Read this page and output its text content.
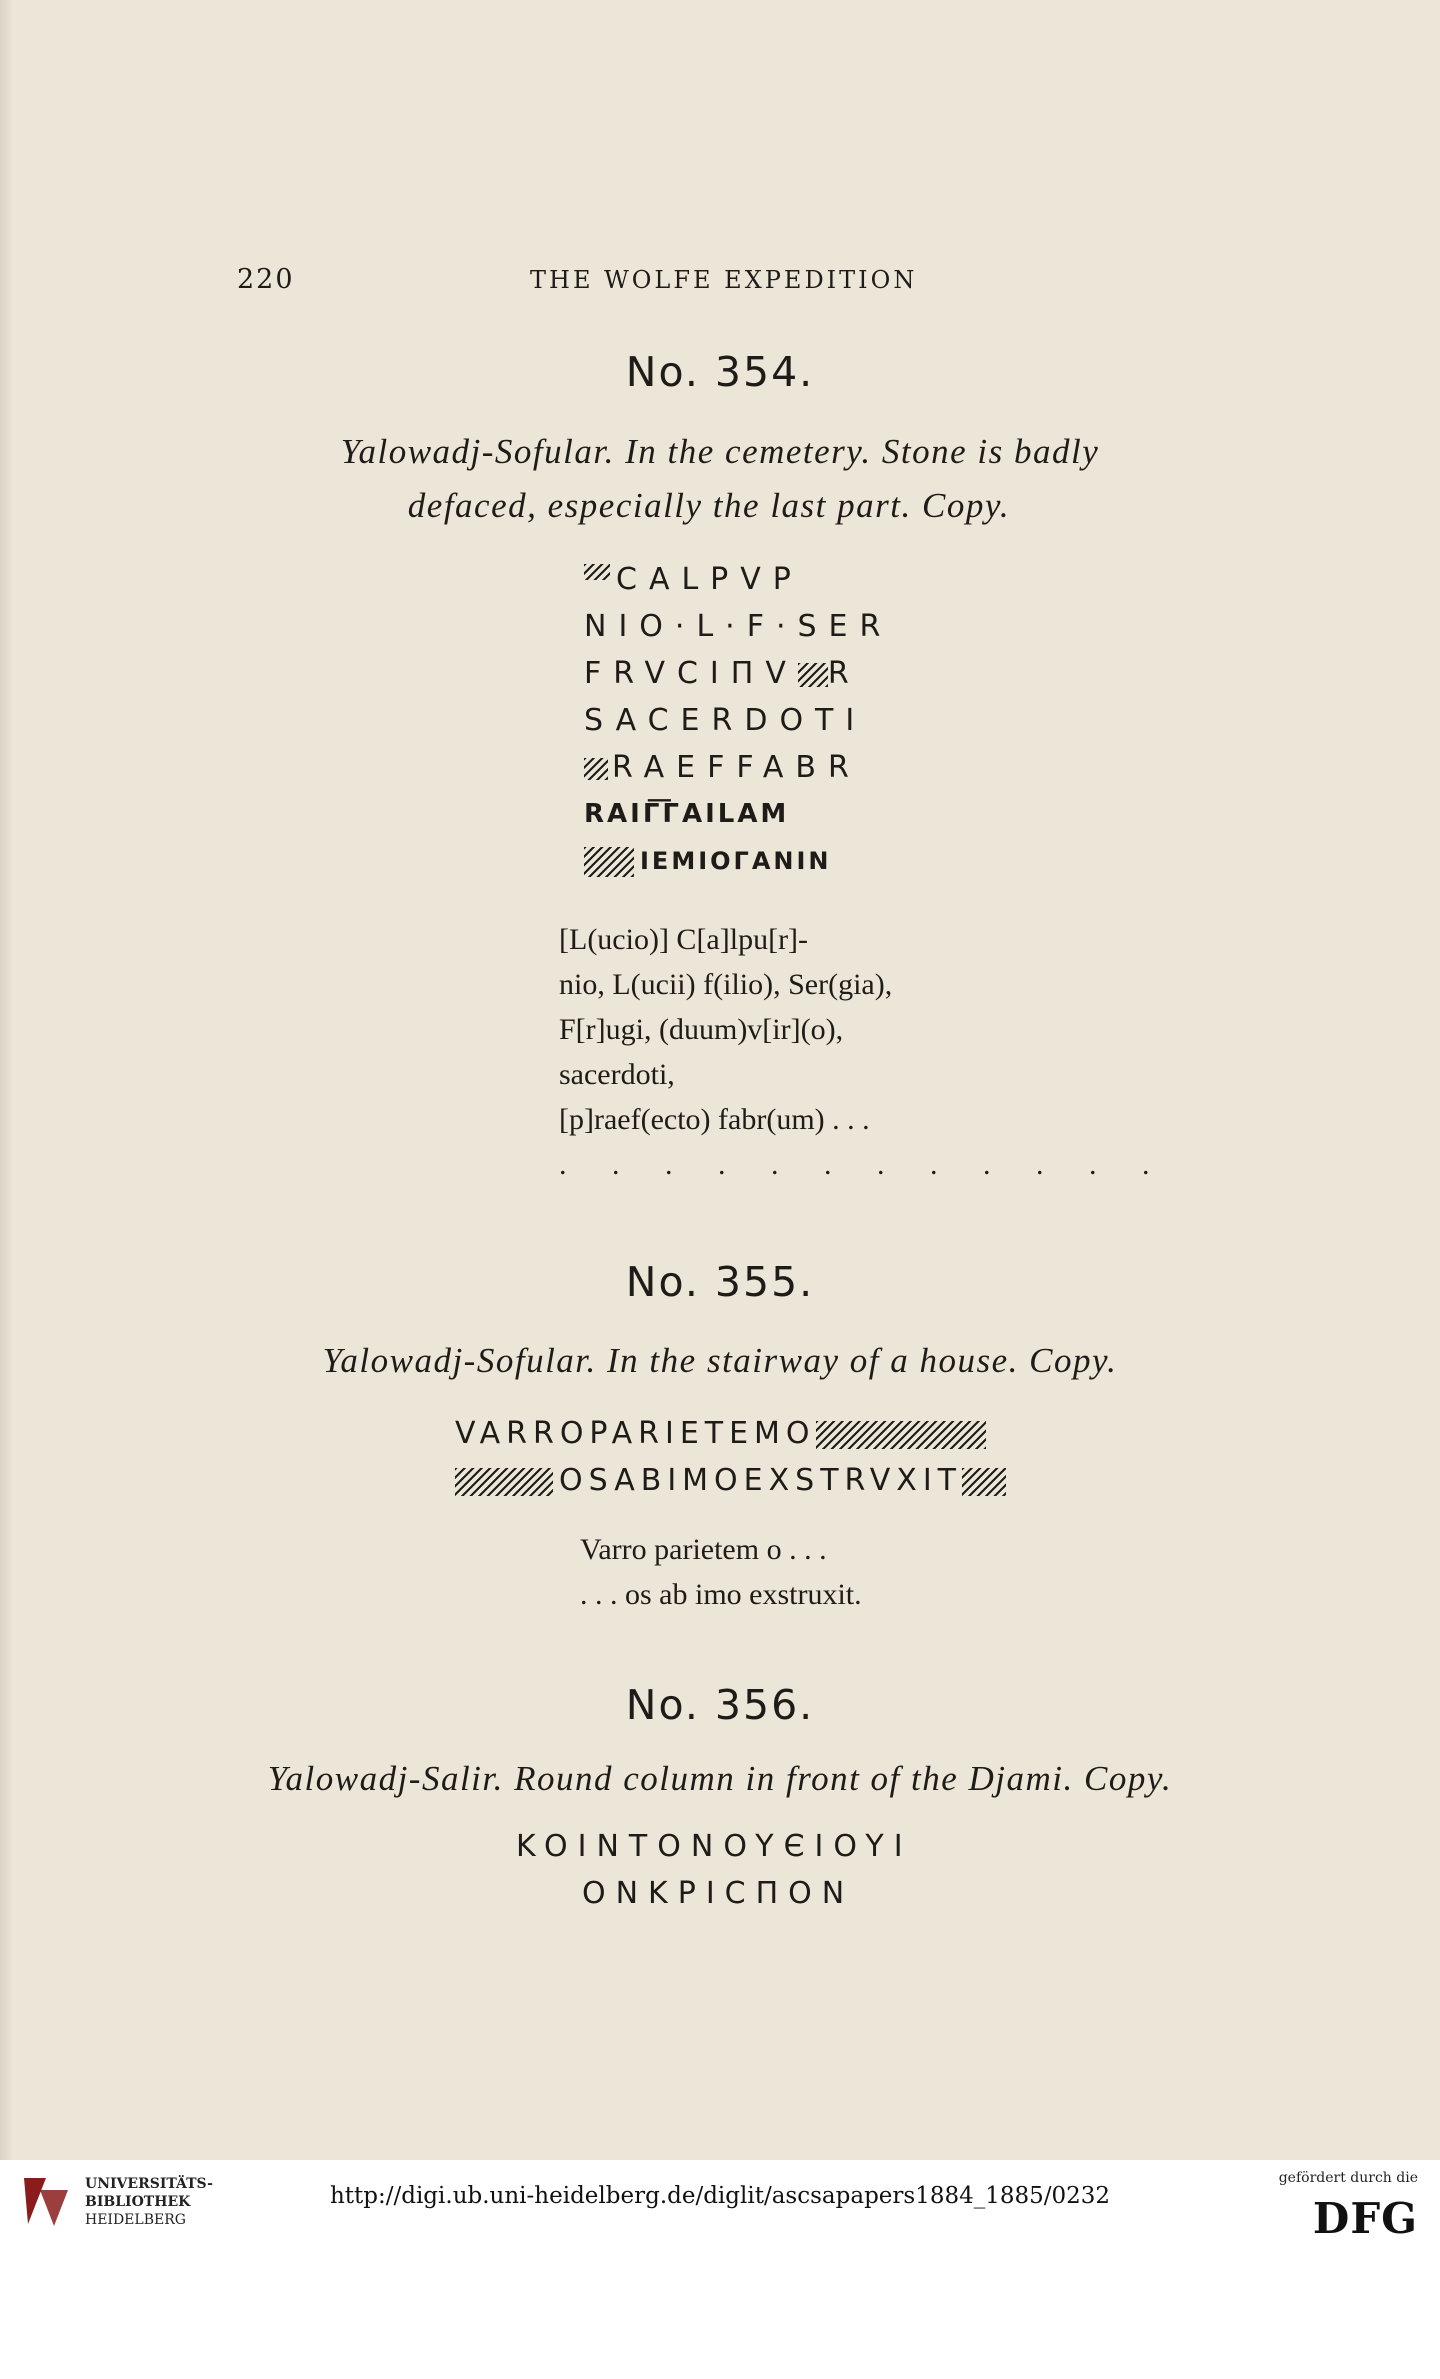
220	THE WOLFE EXPEDITION
No. 354.
Yalowadj-Sofular. In the cemetery. Stone is badly
defaced, especially the last part. Copy.
CALPVP
NIO·L·F·SER
FRVCIΠV R
SACERDOTI
RAEFFABR
RAIΓ͞ΓAILAM
ΙΕΜΙΟΓΑΝΙΝ
[L(ucio)] C[a]lpu[r]-
nio, L(ucii) f(ilio), Ser(gia),
F[r]ugi, (duum)v[ir](o),
sacerdoti,
[p]raef(ecto) fabr(um) . . .
. . . . . . . . . . . .
No. 355.
Yalowadj-Sofular. In the stairway of a house. Copy.
VARROPARIETEMO
OSABIMOEXSTRVXIT
Varro parietem o . . .
. . . os ab imo exstruxit.
No. 356.
Yalowadj-Salir. Round column in front of the Djami. Copy.
KOINTONOYЄIOYI
ONKPICΠON
UNIVERSITÄTS-
BIBLIOTHEK
HEIDELBERG
http://digi.ub.uni-heidelberg.de/diglit/ascsapapers1884_1885/0232
gefördert durch die
DFG
